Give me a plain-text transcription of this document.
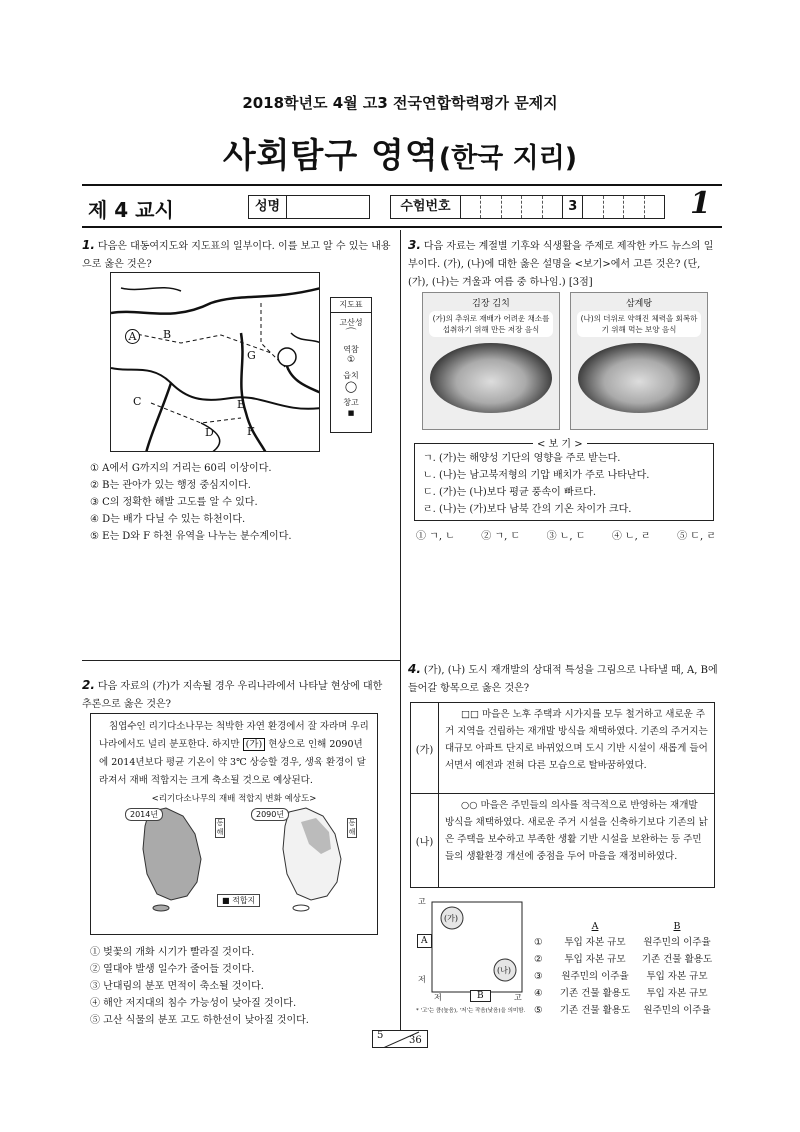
2018학년도 4월 고3 전국연합학력평가 문제지
사회탐구 영역(한국 지리)
제 4 교시	성명	수험번호	3	1
1. 다음은 대동여지도와 지도표의 일부이다. 이를 보고 알 수 있는 내용으로 옳은 것은?
A	B
C
D
E
F
G
지도표
고산성
⌒
역참
①
읍치
◯
창고
■
① A에서 G까지의 거리는 60리 이상이다.
② B는 관아가 있는 행정 중심지이다.
③ C의 정확한 해발 고도를 알 수 있다.
④ D는 배가 다닐 수 있는 하천이다.
⑤ E는 D와 F 하천 유역을 나누는 분수계이다.
2. 다음 자료의 (가)가 지속될 경우 우리나라에서 나타날 현상에 대한 추론으로 옳은 것은?
침엽수인 리기다소나무는 척박한 자연 환경에서 잘 자라며 우리나라에서도 널리 분포한다. 하지만 (가) 현상으로 인해 2090년에 2014년보다 평균 기온이 약 3℃ 상승할 경우, 생육 환경이 달라져서 재배 적합지는 크게 축소될 것으로 예상된다.
<리기다소나무의 재배 적합지 변화 예상도>
2014년	2090년
동해
동해
■ 적합지
① 벚꽃의 개화 시기가 빨라질 것이다.
② 열대야 발생 일수가 줄어들 것이다.
③ 난대림의 분포 면적이 축소될 것이다.
④ 해안 저지대의 침수 가능성이 낮아질 것이다.
⑤ 고산 식물의 분포 고도 하한선이 낮아질 것이다.
3. 다음 자료는 계절별 기후와 식생활을 주제로 제작한 카드 뉴스의 일부이다. (가), (나)에 대한 옳은 설명을 <보기>에서 고른 것은? (단, (가), (나)는 겨울과 여름 중 하나임.) [3점]
김장 김치
(가)의 추위로 재배가 어려운 채소를 섭취하기 위해 만든 저장 음식
삼계탕
(나)의 더위로 약해진 체력을 회복하기 위해 먹는 보양 음식
< 보 기 >
ㄱ. (가)는 해양성 기단의 영향을 주로 받는다.
ㄴ. (나)는 남고북저형의 기압 배치가 주로 나타난다.
ㄷ. (가)는 (나)보다 평균 풍속이 빠르다.
ㄹ. (나)는 (가)보다 남북 간의 기온 차이가 크다.
① ㄱ, ㄴ	② ㄱ, ㄷ	③ ㄴ, ㄷ	④ ㄴ, ㄹ	⑤ ㄷ, ㄹ
4. (가), (나) 도시 재개발의 상대적 특성을 그림으로 나타낼 때, A, B에 들어갈 항목으로 옳은 것은?
(가)
□□ 마을은 노후 주택과 시가지를 모두 철거하고 새로운 주거 지역을 건립하는 재개발 방식을 채택하였다. 기존의 주거지는 대규모 아파트 단지로 바뀌었으며 도시 기반 시설이 새롭게 들어서면서 예전과 전혀 다른 모습으로 탈바꿈하였다.
(나)
○○ 마을은 주민들의 의사를 적극적으로 반영하는 재개발 방식을 채택하였다. 새로운 주거 시설을 신축하기보다 기존의 낡은 주택을 보수하고 부족한 생활 기반 시설을 보완하는 등 주민들의 생활환경 개선에 중점을 두어 마을을 재정비하였다.
고
저
저	고
A
B
(가)
(나)
* '고'는 큼(높음), '저'는 작음(낮음)을 의미함.
A	B
①	투입 자본 규모	원주민의 이주율
②	투입 자본 규모	기존 건물 활용도
③	원주민의 이주율	투입 자본 규모
④	기존 건물 활용도	투입 자본 규모
⑤	기존 건물 활용도	원주민의 이주율
5	36
